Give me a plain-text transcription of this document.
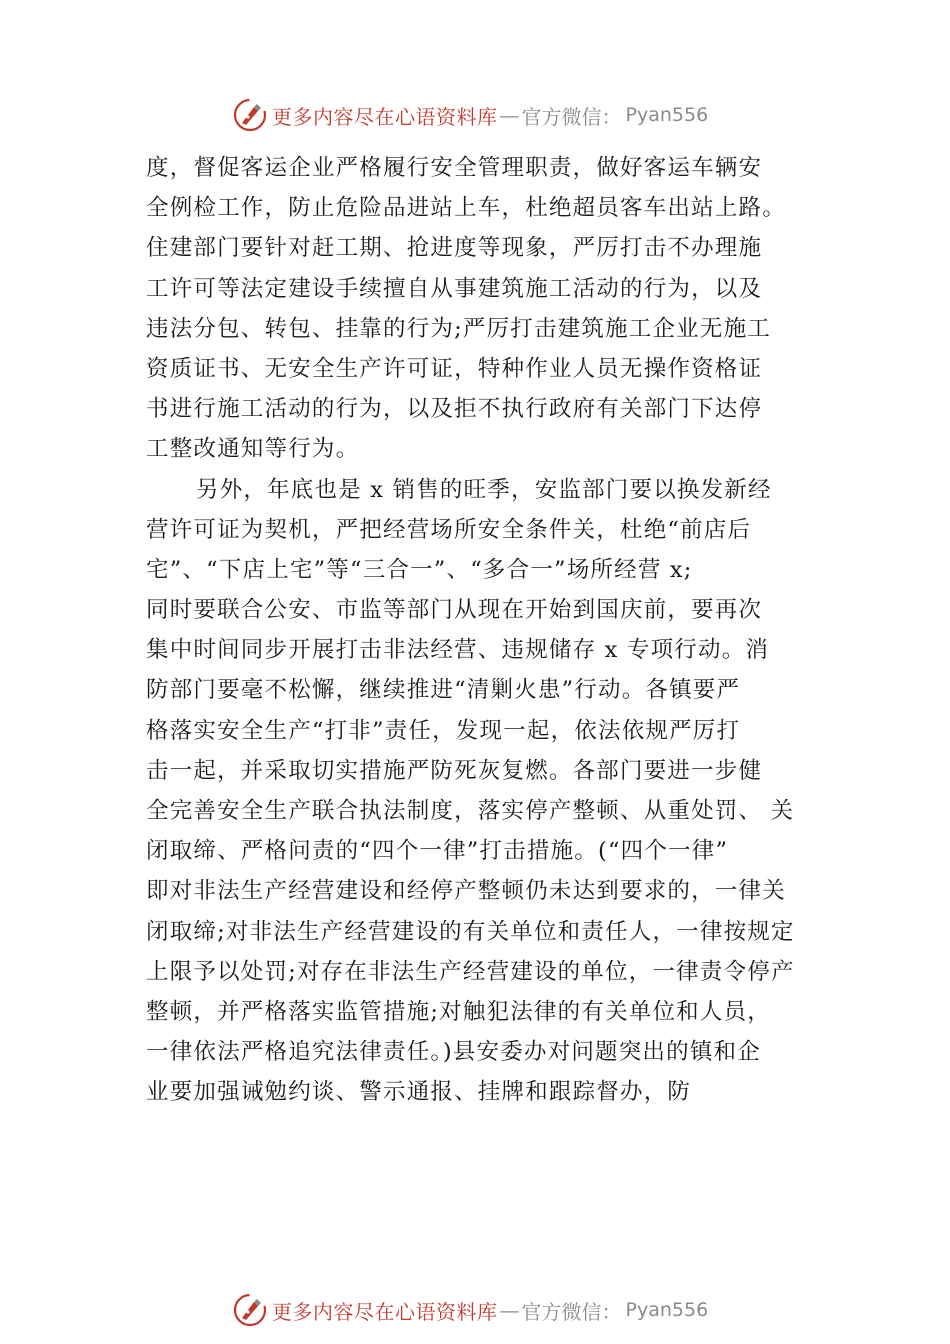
更多内容尽在心语资料库 — 官方微信： Pyan556
度，督促客运企业严格履行安全管理职责，做好客运车辆安
全例检工作，防止危险品进站上车，杜绝超员客车出站上路。
住建部门要针对赶工期、抢进度等现象，严厉打击不办理施
工许可等法定建设手续擅自从事建筑施工活动的行为，以及
违法分包、转包、挂靠的行为;严厉打击建筑施工企业无施工
资质证书、无安全生产许可证，特种作业人员无操作资格证
书进行施工活动的行为，以及拒不执行政府有关部门下达停
工整改通知等行为。
另外，年底也是 x 销售的旺季，安监部门要以换发新经
营许可证为契机，严把经营场所安全条件关，杜绝“前店后
宅”、“下店上宅”等“三合一”、“多合一”场所经营 x;
同时要联合公安、市监等部门从现在开始到国庆前，要再次
集中时间同步开展打击非法经营、违规储存 x 专项行动。消
防部门要毫不松懈，继续推进“清剿火患”行动。各镇要严
格落实安全生产“打非”责任，发现一起，依法依规严厉打
击一起，并采取切实措施严防死灰复燃。各部门要进一步健
全完善安全生产联合执法制度，落实停产整顿、从重处罚、 关
闭取缔、严格问责的“四个一律”打击措施。(“四个一律”
即对非法生产经营建设和经停产整顿仍未达到要求的，一律关
闭取缔;对非法生产经营建设的有关单位和责任人，一律按规定
上限予以处罚;对存在非法生产经营建设的单位，一律责令停产
整顿，并严格落实监管措施;对触犯法律的有关单位和人员，
一律依法严格追究法律责任。)县安委办对问题突出的镇和企
业要加强诫勉约谈、警示通报、挂牌和跟踪督办，防
更多内容尽在心语资料库 — 官方微信： Pyan556
